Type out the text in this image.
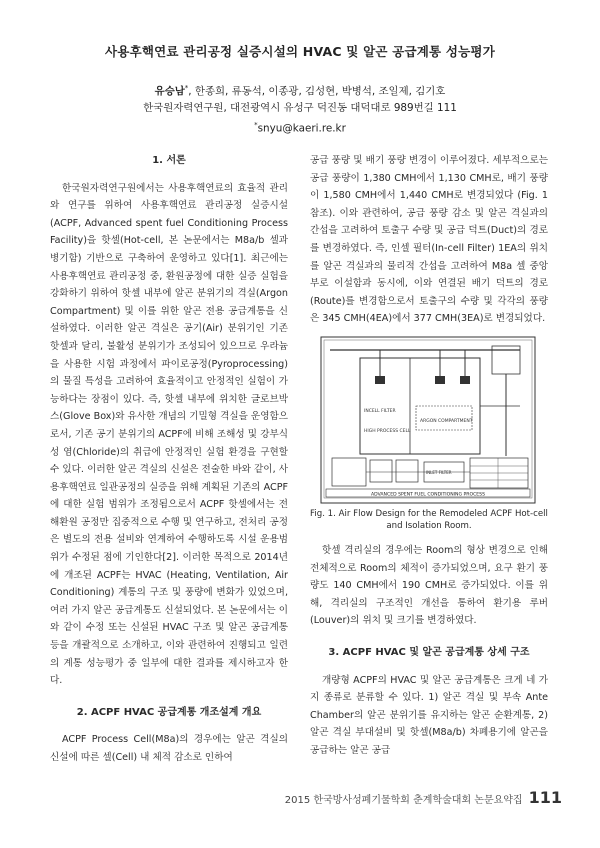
사용후핵연료 관리공정 실증시설의 HVAC 및 알곤 공급계통 성능평가
유승남*, 한종희, 류동석, 이종광, 김성현, 박병석, 조일제, 김기호
한국원자력연구원, 대전광역시 유성구 덕진동 대덕대로 989번길 111
*snyu@kaeri.re.kr
1. 서론

한국원자력연구원에서는 사용후핵연료의 효율적 관리와 연구를 위하여 사용후핵연료 관리공정 실증시설(ACPF, Advanced spent fuel Conditioning Process Facility)을 핫셀(Hot-cell, 본 논문에서는 M8a/b 셀과 병기함) 기반으로 구축하여 운영하고 있다[1]. 최근에는 사용후핵연료 관리공정 중, 환원공정에 대한 실증 실험을 강화하기 위하여 핫셀 내부에 알곤 분위기의 격실(Argon Compartment) 및 이를 위한 알곤 전용 공급계통을 신설하였다. 이러한 알곤 격실은 공기(Air) 분위기인 기존 핫셀과 달리, 불활성 분위기가 조성되어 있으므로 우라늄을 사용한 시험 과정에서 파이로공정(Pyroprocessing)의 물질 특성을 고려하여 효율적이고 안정적인 실험이 가능하다는 장점이 있다. 즉, 핫셀 내부에 위치한 글로브박스(Glove Box)와 유사한 개념의 기밀형 격실을 운영함으로서, 기존 공기 분위기의 ACPF에 비해 조해성 및 강부식성 염(Chloride)의 취급에 안정적인 실험 환경을 구현할 수 있다. 이러한 알곤 격실의 신설은 전술한 바와 같이, 사용후핵연료 일관공정의 실증을 위해 계획된 기존의 ACPF에 대한 실험 범위가 조정됨으로서 ACPF 핫셀에서는 전해환원 공정만 집중적으로 수행 및 연구하고, 전처리 공정은 별도의 전용 설비와 연계하여 수행하도록 시설 운용범위가 수정된 점에 기인한다[2]. 이러한 목적으로 2014년에 개조된 ACPF는 HVAC (Heating, Ventilation, Air Conditioning) 계통의 구조 및 풍량에 변화가 있었으며, 여러 가지 알곤 공급계통도 신설되었다. 본 논문에서는 이와 같이 수정 또는 신설된 HVAC 구조 및 알곤 공급계통 등을 개괄적으로 소개하고, 이와 관련하여 진행되고 일련의 계통 성능평가 중 일부에 대한 결과를 제시하고자 한다.

2. ACPF HVAC 공급계통 개조설계 개요

ACPF Process Cell(M8a)의 경우에는 알곤 격실의 신설에 따른 셀(Cell) 내 체적 감소로 인하여

공급 풍량 및 배기 풍량 변경이 이루어졌다. 세부적으로는 공급 풍량이 1,380 CMH에서 1,130 CMH로, 배기 풍량이 1,580 CMH에서 1,440 CMH로 변경되었다 (Fig. 1 참조). 이와 관련하여, 공급 풍량 감소 및 알곤 격실과의 간섭을 고려하여 토출구 수량 및 공급 덕트(Duct)의 경로를 변경하였다. 즉, 인셀 필터(In-cell Filter) 1EA의 위치를 알곤 격실과의 물리적 간섭을 고려하여 M8a 셀 중앙부로 이설함과 동시에, 이와 연결된 배기 덕트의 경로(Route)를 변경함으로서 토출구의 수량 및 각각의 풍량은 345 CMH(4EA)에서 377 CMH(3EA)로 변경되었다.

INCELL FILTER
ARGON COMPARTMENT
HIGH PROCESS CELL
INLET FILTER
ADVANCED SPENT FUEL CONDITIONING PROCESS
Fig. 1. Air Flow Design for the Remodeled ACPF Hot-cell and Isolation Room.

핫셀 격리실의 경우에는 Room의 형상 변경으로 인해 전체적으로 Room의 체적이 증가되었으며, 요구 환기 풍량도 140 CMH에서 190 CMH로 증가되었다. 이를 위해, 격리실의 구조적인 개선을 통하여 환기용 루버(Louver)의 위치 및 크기를 변경하였다.

3. ACPF HVAC 및 알곤 공급계통 상세 구조

개량형 ACPF의 HVAC 및 알곤 공급계통은 크게 네 가지 종류로 분류할 수 있다. 1) 알곤 격실 및 부속 Ante Chamber의 알곤 분위기를 유지하는 알곤 순환계통, 2) 알곤 격실 부대설비 및 핫셀(M8a/b) 차폐용기에 알곤을 공급하는 알곤 공급

2015 한국방사성폐기물학회 춘계학술대회 논문요약집 111
